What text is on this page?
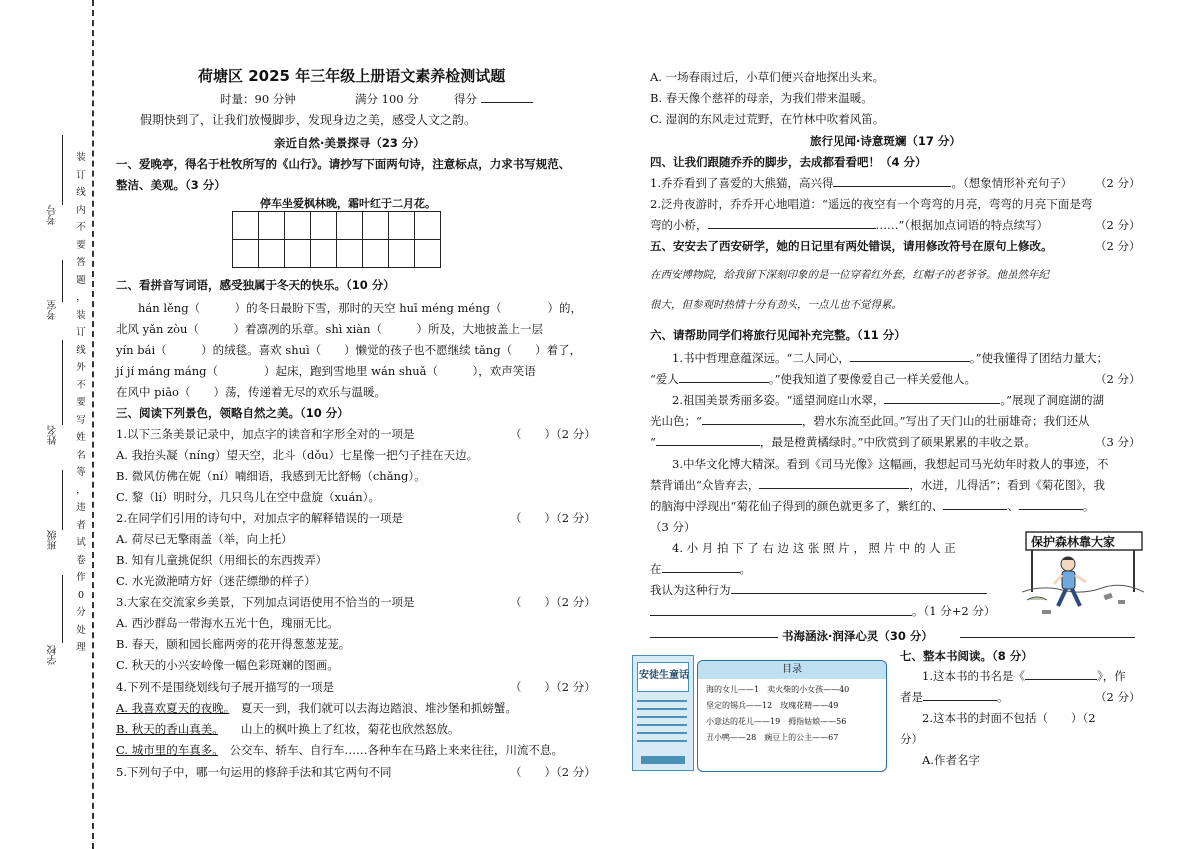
装
订
线
内
不
要
答
题
，
装
订
线
外
不
要
写
姓
名
等
，
违
者
试
卷
作
0
分
处
理
考号
考室
姓名
班级
学校
荷塘区 2025 年三年级上册语文素养检测试题
时量：90 分钟	满分 100 分	得分
假期快到了，让我们放慢脚步，发现身边之美，感受人文之韵。
亲近自然·美景探寻（23 分）
一、爱晚亭，得名于杜牧所写的《山行》。请抄写下面两句诗，注意标点，力求书写规范、
整洁、美观。（3 分）
停车坐爱枫林晚，霜叶红于二月花。

二、看拼音写词语，感受独属于冬天的快乐。（10 分）
hán lěng（　　　）的冬日最盼下雪，那时的天空 huī méng méng（　　　　）的，
北风 yǎn zòu（　　　）着凛冽的乐章。shì xiàn（　　　）所及，大地披盖上一层
yín bái（　　　）的绒毯。喜欢 shuì（　　）懒觉的孩子也不愿继续 tǎng（　　）着了，
jí jí máng máng（　　　　）起床，跑到雪地里 wán shuǎ（　　　），欢声笑语
在风中 piāo（　　）荡，传递着无尽的欢乐与温暖。
三、阅读下列景色，领略自然之美。（10 分）
1.以下三条美景记录中，加点字的读音和字形全对的一项是	（　　）（2 分）
A. 我抬头凝（níng）望天空，北斗（dǒu）七星像一把勺子挂在天边。
B. 微风仿佛在妮（ní）喃细语，我感到无比舒畅（chǎng）。
C. 黎（lí）明时分，几只鸟儿在空中盘旋（xuán）。
2.在同学们引用的诗句中，对加点字的解释错误的一项是	（　　）（2 分）
A. 荷尽已无擎雨盖（举，向上托）
B. 知有儿童挑促织（用细长的东西拨弄）
C. 水光潋滟晴方好（迷茫缥缈的样子）
3.大家在交流家乡美景，下列加点词语使用不恰当的一项是	（　　）（2 分）
A. 西沙群岛一带海水五光十色，瑰丽无比。
B. 春天，颐和园长廊两旁的花开得葱葱茏茏。
C. 秋天的小兴安岭像一幅色彩斑斓的图画。
4.下列不是围绕划线句子展开描写的一项是	（　　）（2 分）
A. 我喜欢夏天的夜晚。　 夏天一到，我们就可以去海边踏浪、堆沙堡和抓螃蟹。
B. 秋天的香山真美。　　 山上的枫叶换上了红妆，菊花也欣然怒放。
C. 城市里的车真多。　 公交车、轿车、自行车……各种车在马路上来来往往，川流不息。
5.下列句子中，哪一句运用的修辞手法和其它两句不同	（　　）（2 分）
A. 一场春雨过后，小草们便兴奋地探出头来。
B. 春天像个慈祥的母亲，为我们带来温暖。
C. 湿润的东风走过荒野，在竹林中吹着风笛。
旅行见闻·诗意斑斓（17 分）
四、让我们跟随乔乔的脚步，去成都看看吧！（4 分）
1.乔乔看到了喜爱的大熊猫，高兴得	。（想象情形补充句子） （2 分）
2.泛舟夜游时，乔乔开心地唱道：“遥远的夜空有一个弯弯的月亮，弯弯的月亮下面是弯
弯的小桥，	……”（根据加点词语的特点续写）	（2 分）
五、安安去了西安研学，她的日记里有两处错误，请用修改符号在原句上修改。	（2 分）
在西安博物院，给我留下深刻印象的是一位穿着红外套，红帽子的老爷爷。他虽然年纪
很大，但参观时热情十分有劲头，一点儿也不觉得累。
六、请帮助同学们将旅行见闻补充完整。（11 分）
1.书中哲理意蕴深远。“二人同心，	。”使我懂得了团结力量大；
“爱人	。”使我知道了要像爱自己一样关爱他人。	（2 分）
2.祖国美景秀丽多姿。“遥望洞庭山水翠，	。”展现了洞庭湖的湖
光山色；“	，碧水东流至此回。”写出了天门山的壮丽雄奇；我们还从
“	，最是橙黄橘绿时。”中欣赏到了硕果累累的丰收之景。	（3 分）
3.中华文化博大精深。看到《司马光像》这幅画，我想起司马光幼年时救人的事迹，不
禁背诵出“众皆弃去，	，水迸，儿得活”；看到《菊花图》，我
的脑海中浮现出“菊花仙子得到的颜色就更多了，紫红的、	、	。
（3 分）
4. 小 月 拍 下 了 右 边 这 张 照 片 ， 照 片 中 的 人 正
在	。
我认为这种行为
。（1 分+2 分）
保护森林靠大家
书海涵泳·润泽心灵（30 分）
安徒生童话
目录
海的女儿——1　 卖火柴的小女孩——40
坚定的锡兵——12　 玫瑰花精——49
小意达的花儿——19　 拇指姑娘——56
丑小鸭——28　 豌豆上的公主——67
七、整本书阅读。（8 分）
1.这本书的书名是《	》，作
者是	。	（2 分）
2.这本书的封面不包括（　　）（2
分）
A.作者名字
